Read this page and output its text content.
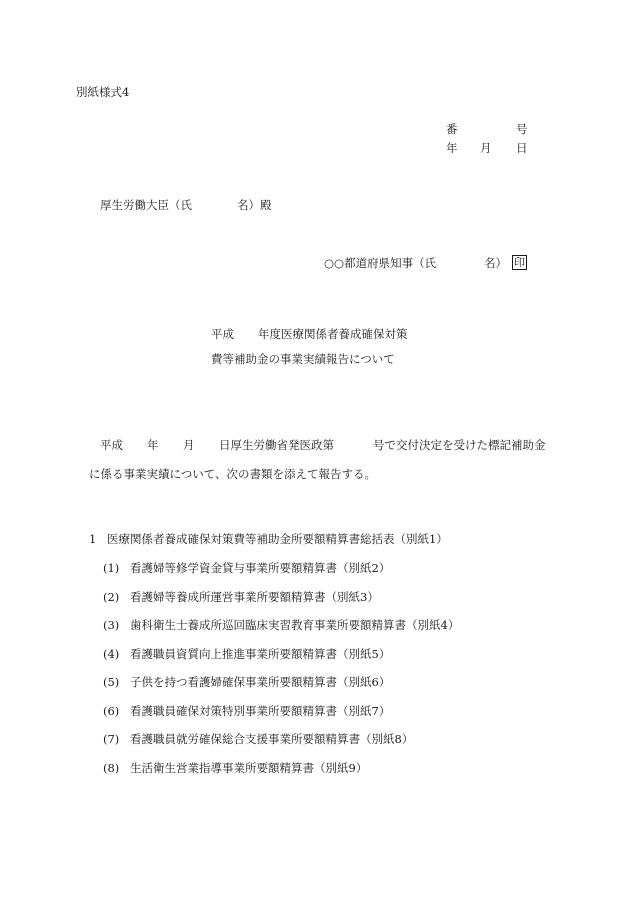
別紙様式4
番	号
年 月 日
厚生労働大臣（氏	名）殿
○○都道府県知事（氏	名） 印
平成 年度医療関係者養成確保対策
費等補助金の事業実績報告について
平成 年 月 日厚生労働省発医政第	号で交付決定を受けた標記補助金
に係る事業実績について、次の書類を添えて報告する。
1 医療関係者養成確保対策費等補助金所要額精算書総括表（別紙1）
(1) 看護婦等修学資金貸与事業所要額精算書（別紙2）
(2) 看護婦等養成所運営事業所要額精算書（別紙3）
(3) 歯科衛生士養成所巡回臨床実習教育事業所要額精算書（別紙4）
(4) 看護職員資質向上推進事業所要額精算書（別紙5）
(5) 子供を持つ看護婦確保事業所要額精算書（別紙6）
(6) 看護職員確保対策特別事業所要額精算書（別紙7）
(7) 看護職員就労確保総合支援事業所要額精算書（別紙8）
(8) 生活衛生営業指導事業所要額精算書（別紙9）
